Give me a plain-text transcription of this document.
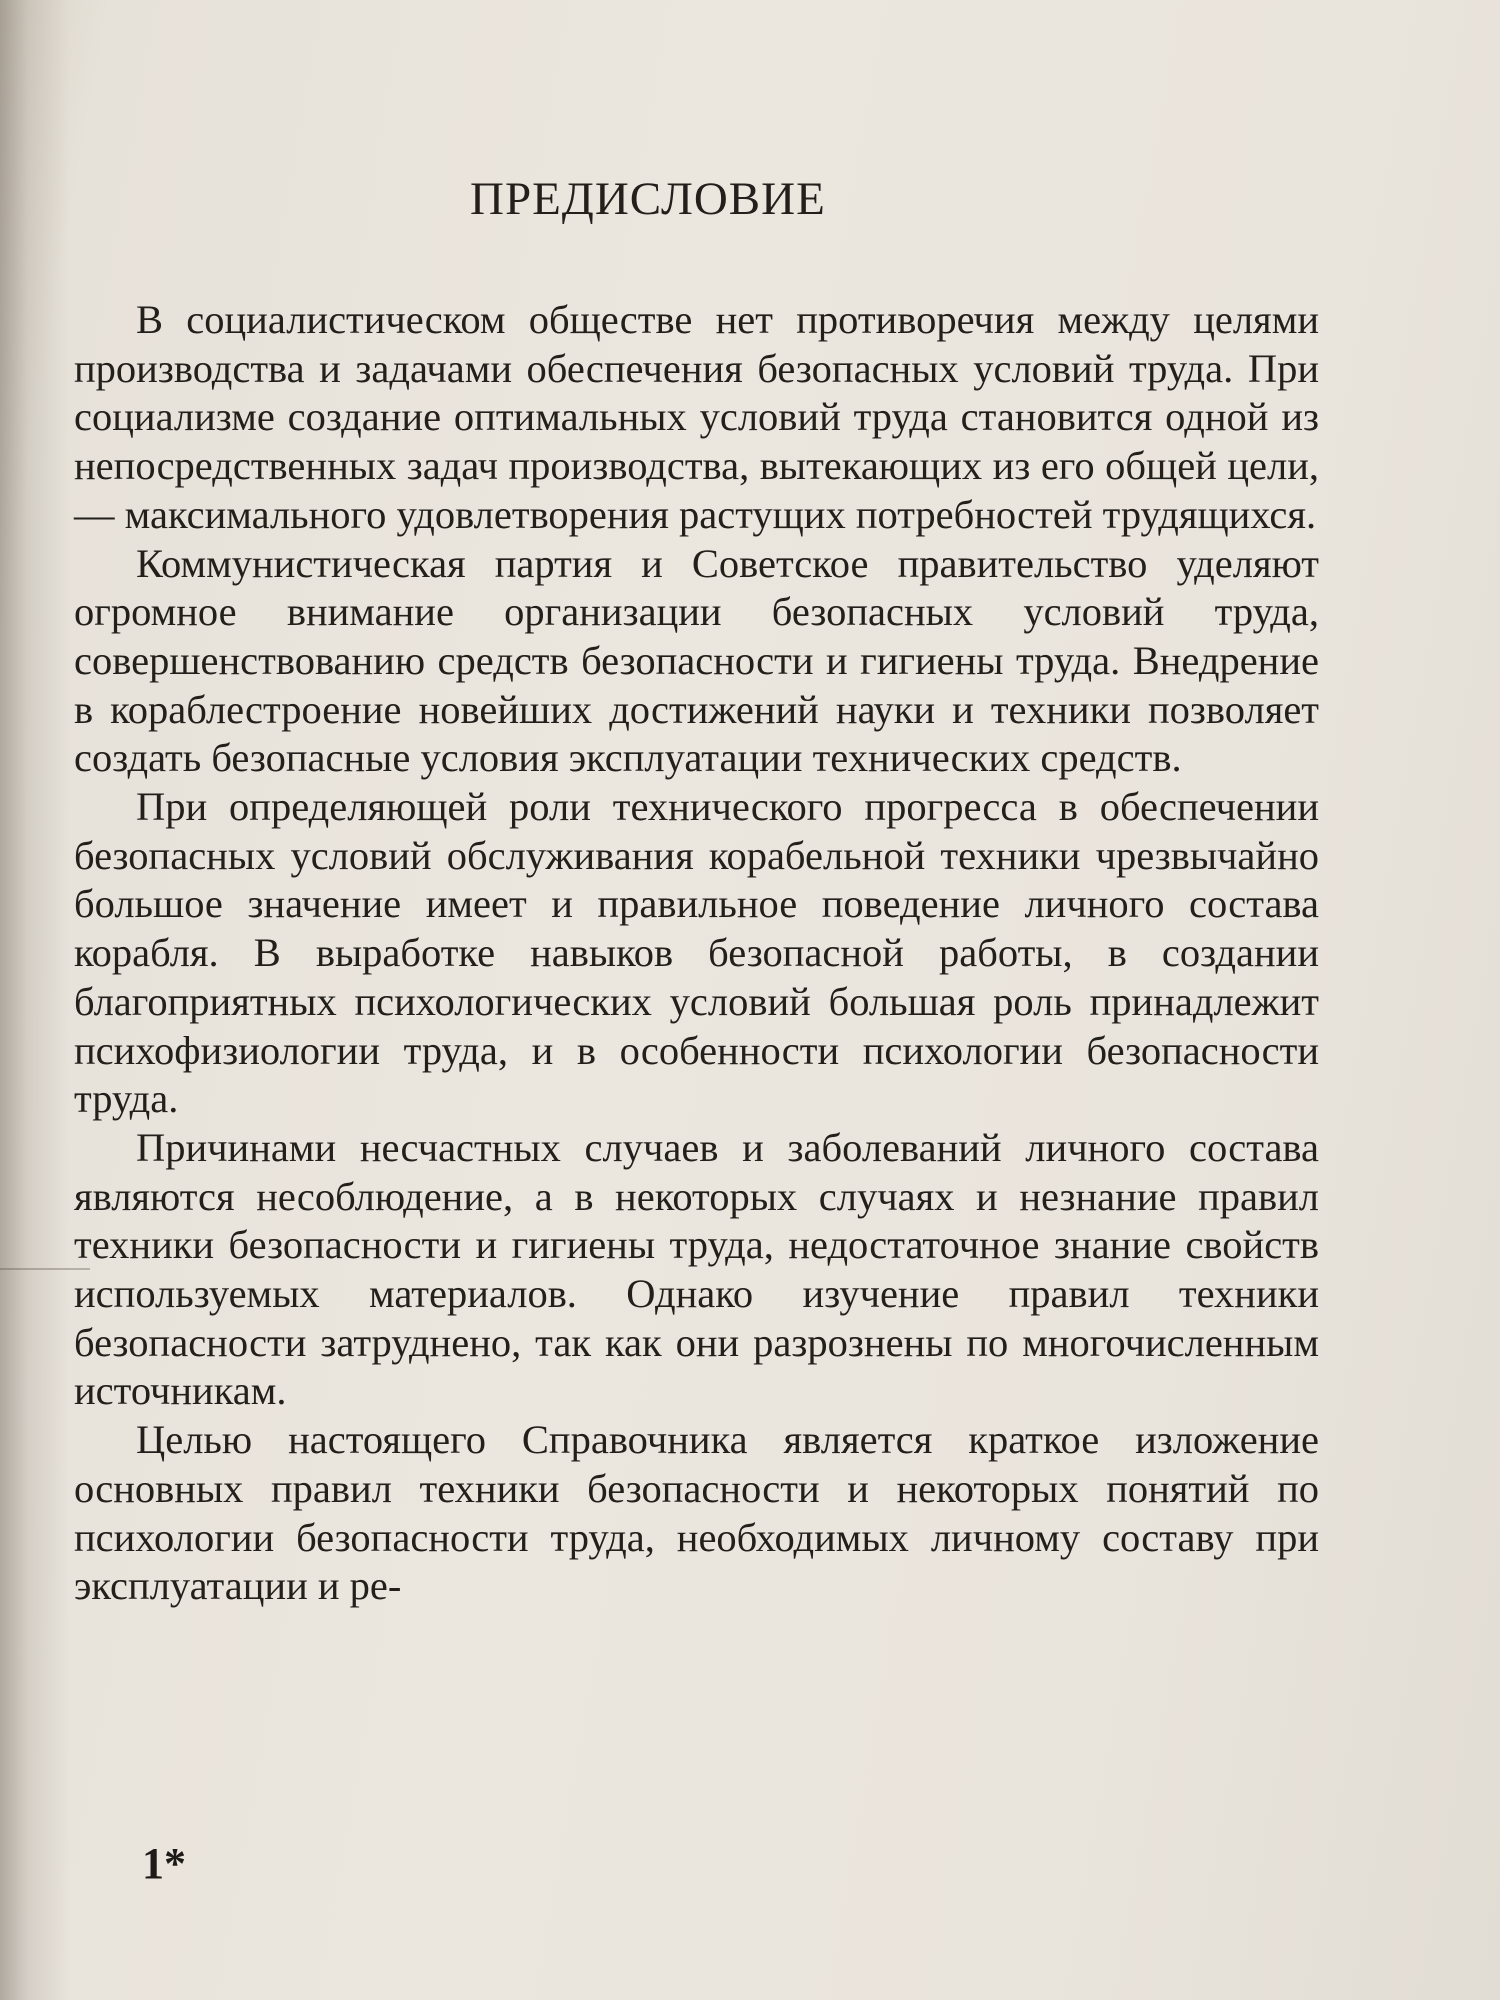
ПРЕДИСЛОВИЕ

В социалистическом обществе нет противоречия между целями производства и задачами обеспечения безопасных условий труда. При социализме создание оптимальных условий труда становится одной из непосредственных задач производства, вытекающих из его общей цели, — максимального удовлетворения растущих потребностей трудящихся.

Коммунистическая партия и Советское правительство уделяют огромное внимание организации безопасных условий труда, совершенствованию средств безопасности и гигиены труда. Внедрение в кораблестроение новейших достижений науки и техники позволяет создать безопасные условия эксплуатации технических средств.

При определяющей роли технического прогресса в обеспечении безопасных условий обслуживания корабельной техники чрезвычайно большое значение имеет и правильное поведение личного состава корабля. В выработке навыков безопасной работы, в создании благоприятных психологических условий большая роль принадлежит психофизиологии труда, и в особенности психологии безопасности труда.

Причинами несчастных случаев и заболеваний личного состава являются несоблюдение, а в некоторых случаях и незнание правил техники безопасности и гигиены труда, недостаточное знание свойств используемых материалов. Однако изучение правил техники безопасности затруднено, так как они разрознены по многочисленным источникам.

Целью настоящего Справочника является краткое изложение основных правил техники безопасности и некоторых понятий по психологии безопасности труда, необходимых личному составу при эксплуатации и ре-

1*
